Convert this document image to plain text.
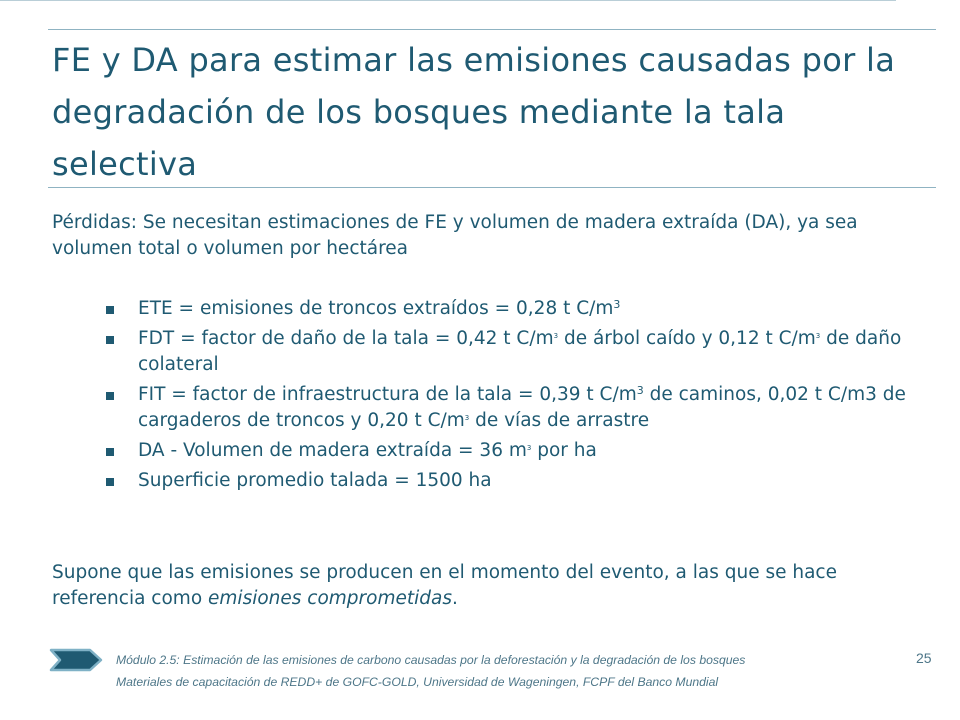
FE y DA para estimar las emisiones causadas por la degradación de los bosques mediante la tala selectiva

Pérdidas: Se necesitan estimaciones de FE y volumen de madera extraída (DA), ya sea volumen total o volumen por hectárea

ETE = emisiones de troncos extraídos = 0,28 t $C/m^3$
FDT = factor de daño de la tala = 0,42 t $C/m^3$ de árbol caído y 0,12 t $C/m^3$ de daño colateral
FIT = factor de infraestructura de la tala = 0,39 t $C/m^3$ de caminos, 0,02 t C/m3 de cargaderos de troncos y 0,20 t $C/m^3$ de vías de arrastre
DA - Volumen de madera extraída = 36 $m^3$ por ha
Superficie promedio talada = 1500 ha

Supone que las emisiones se producen en el momento del evento, a las que se hace referencia como emisiones comprometidas.

Módulo 2.5: Estimación de las emisiones de carbono causadas por la deforestación y la degradación de los bosques	25

Materiales de capacitación de REDD+ de GOFC-GOLD, Universidad de Wageningen, FCPF del Banco Mundial
